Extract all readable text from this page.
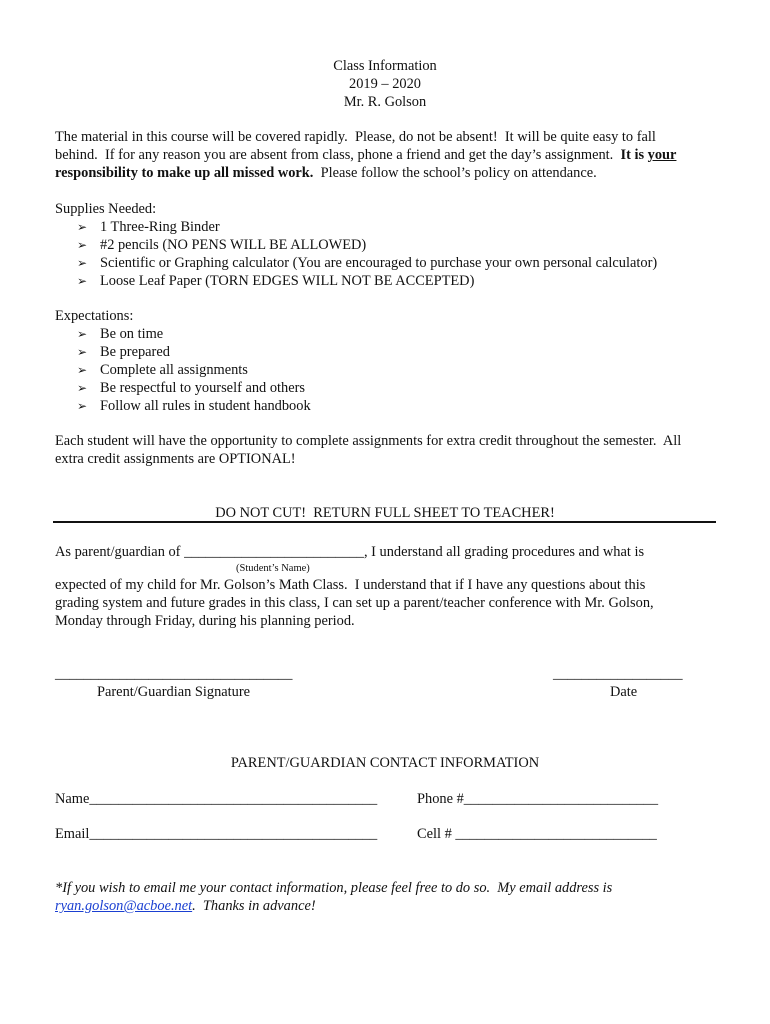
Class Information
2019 – 2020
Mr. R. Golson
The material in this course will be covered rapidly.  Please, do not be absent!  It will be quite easy to fall
behind.  If for any reason you are absent from class, phone a friend and get the day’s assignment.  It is your
responsibility to make up all missed work.  Please follow the school’s policy on attendance.
Supplies Needed:
➢ 1 Three-Ring Binder
➢ #2 pencils (NO PENS WILL BE ALLOWED)
➢ Scientific or Graphing calculator (You are encouraged to purchase your own personal calculator)
➢ Loose Leaf Paper (TORN EDGES WILL NOT BE ACCEPTED)
Expectations:
➢ Be on time
➢ Be prepared
➢ Complete all assignments
➢ Be respectful to yourself and others
➢ Follow all rules in student handbook
Each student will have the opportunity to complete assignments for extra credit throughout the semester.  All
extra credit assignments are OPTIONAL!
DO NOT CUT!  RETURN FULL SHEET TO TEACHER!
As parent/guardian of _________________________, I understand all grading procedures and what is
(Student’s Name)
expected of my child for Mr. Golson’s Math Class.  I understand that if I have any questions about this
grading system and future grades in this class, I can set up a parent/teacher conference with Mr. Golson,
Monday through Friday, during his planning period.
_________________________________
Parent/Guardian Signature
__________________
Date
PARENT/GUARDIAN CONTACT INFORMATION
Name________________________________________	Phone #___________________________
Email________________________________________	Cell # ____________________________
*If you wish to email me your contact information, please feel free to do so.  My email address is
ryan.golson@acboe.net.  Thanks in advance!
